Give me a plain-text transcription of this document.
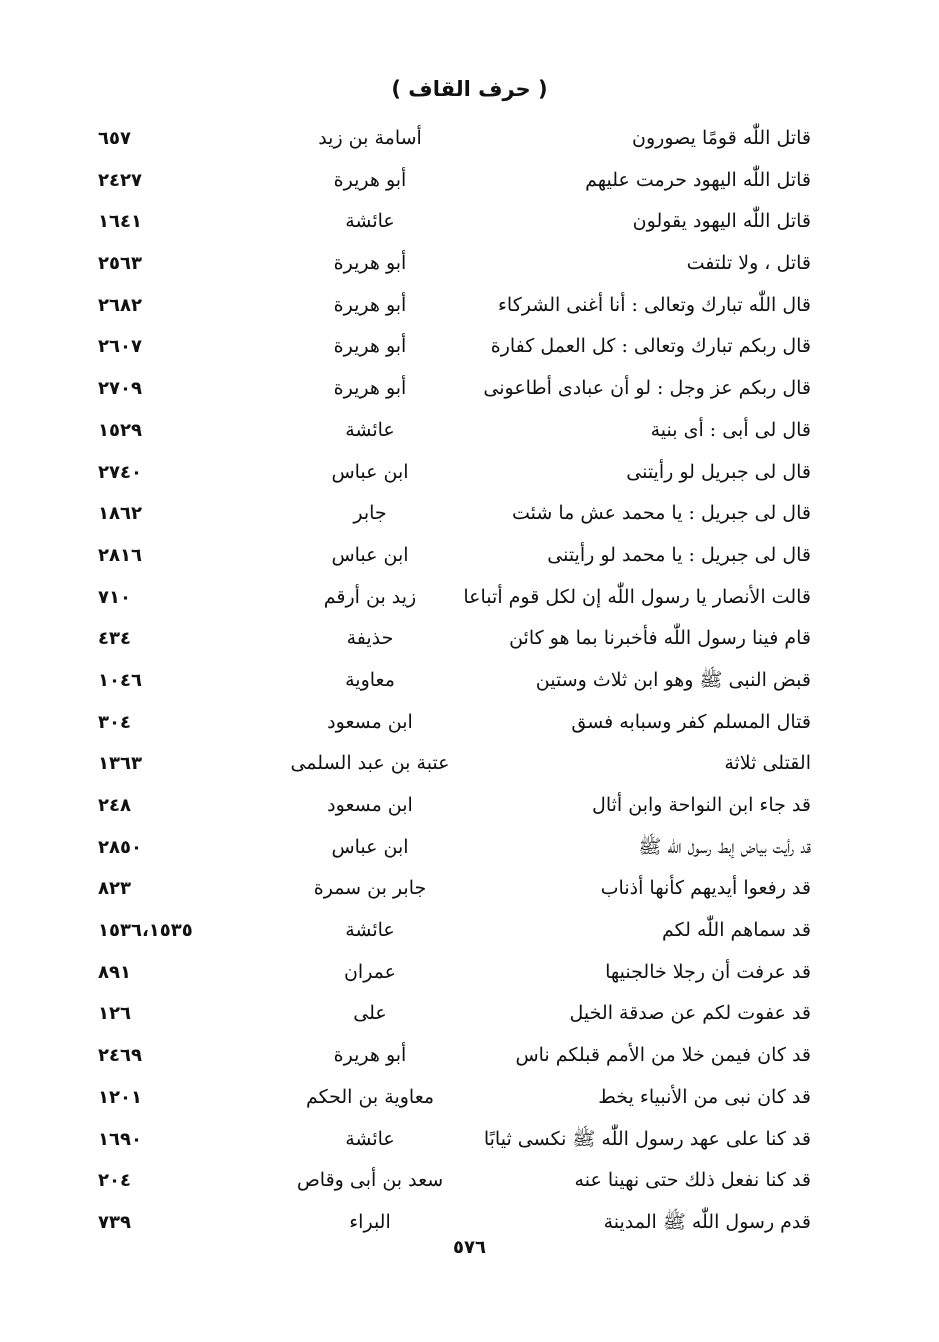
( حرف القاف )
قاتل اللّٰه قومًا يصورون
أسامة بن زيد
٦٥٧
قاتل اللّٰه اليهود حرمت عليهم
أبو هريرة
٢٤٢٧
قاتل اللّٰه اليهود يقولون
عائشة
١٦٤١
قاتل ، ولا تلتفت
أبو هريرة
٢٥٦٣
قال اللّٰه تبارك وتعالى : أنا أغنى الشركاء
أبو هريرة
٢٦٨٢
قال ربكم تبارك وتعالى : كل العمل كفارة
أبو هريرة
٢٦٠٧
قال ربكم عز وجل : لو أن عبادى أطاعونى
أبو هريرة
٢٧٠٩
قال لى أبى : أى بنية
عائشة
١٥٢٩
قال لى جبريل لو رأيتنى
ابن عباس
٢٧٤٠
قال لى جبريل : يا محمد عش ما شئت
جابر
١٨٦٢
قال لى جبريل : يا محمد لو رأيتنى
ابن عباس
٢٨١٦
قالت الأنصار يا رسول اللّٰه إن لكل قوم أتباعا
زيد بن أرقم
٧١٠
قام فينا رسول اللّٰه فأخبرنا بما هو كائن
حذيفة
٤٣٤
قبض النبى ﷺ وهو ابن ثلاث وستين
معاوية
١٠٤٦
قتال المسلم كفر وسبابه فسق
ابن مسعود
٣٠٤
القتلى ثلاثة
عتبة بن عبد السلمى
١٣٦٣
قد جاء ابن النواحة وابن أثال
ابن مسعود
٢٤٨
قد رأيت بياض إبط رسول اللّٰه ﷺ
ابن عباس
٢٨٥٠
قد رفعوا أيديهم كأنها أذناب
جابر بن سمرة
٨٢٣
قد سماهم اللّٰه لكم
عائشة
١٥٣٦،١٥٣٥
قد عرفت أن رجلا خالجنيها
عمران
٨٩١
قد عفوت لكم عن صدقة الخيل
على
١٢٦
قد كان فيمن خلا من الأمم قبلكم ناس
أبو هريرة
٢٤٦٩
قد كان نبى من الأنبياء يخط
معاوية بن الحكم
١٢٠١
قد كنا على عهد رسول اللّٰه ﷺ نكسى ثيابًا
عائشة
١٦٩٠
قد كنا نفعل ذلك حتى نهينا عنه
سعد بن أبى وقاص
٢٠٤
قدم رسول اللّٰه ﷺ المدينة
البراء
٧٣٩
٥٧٦
